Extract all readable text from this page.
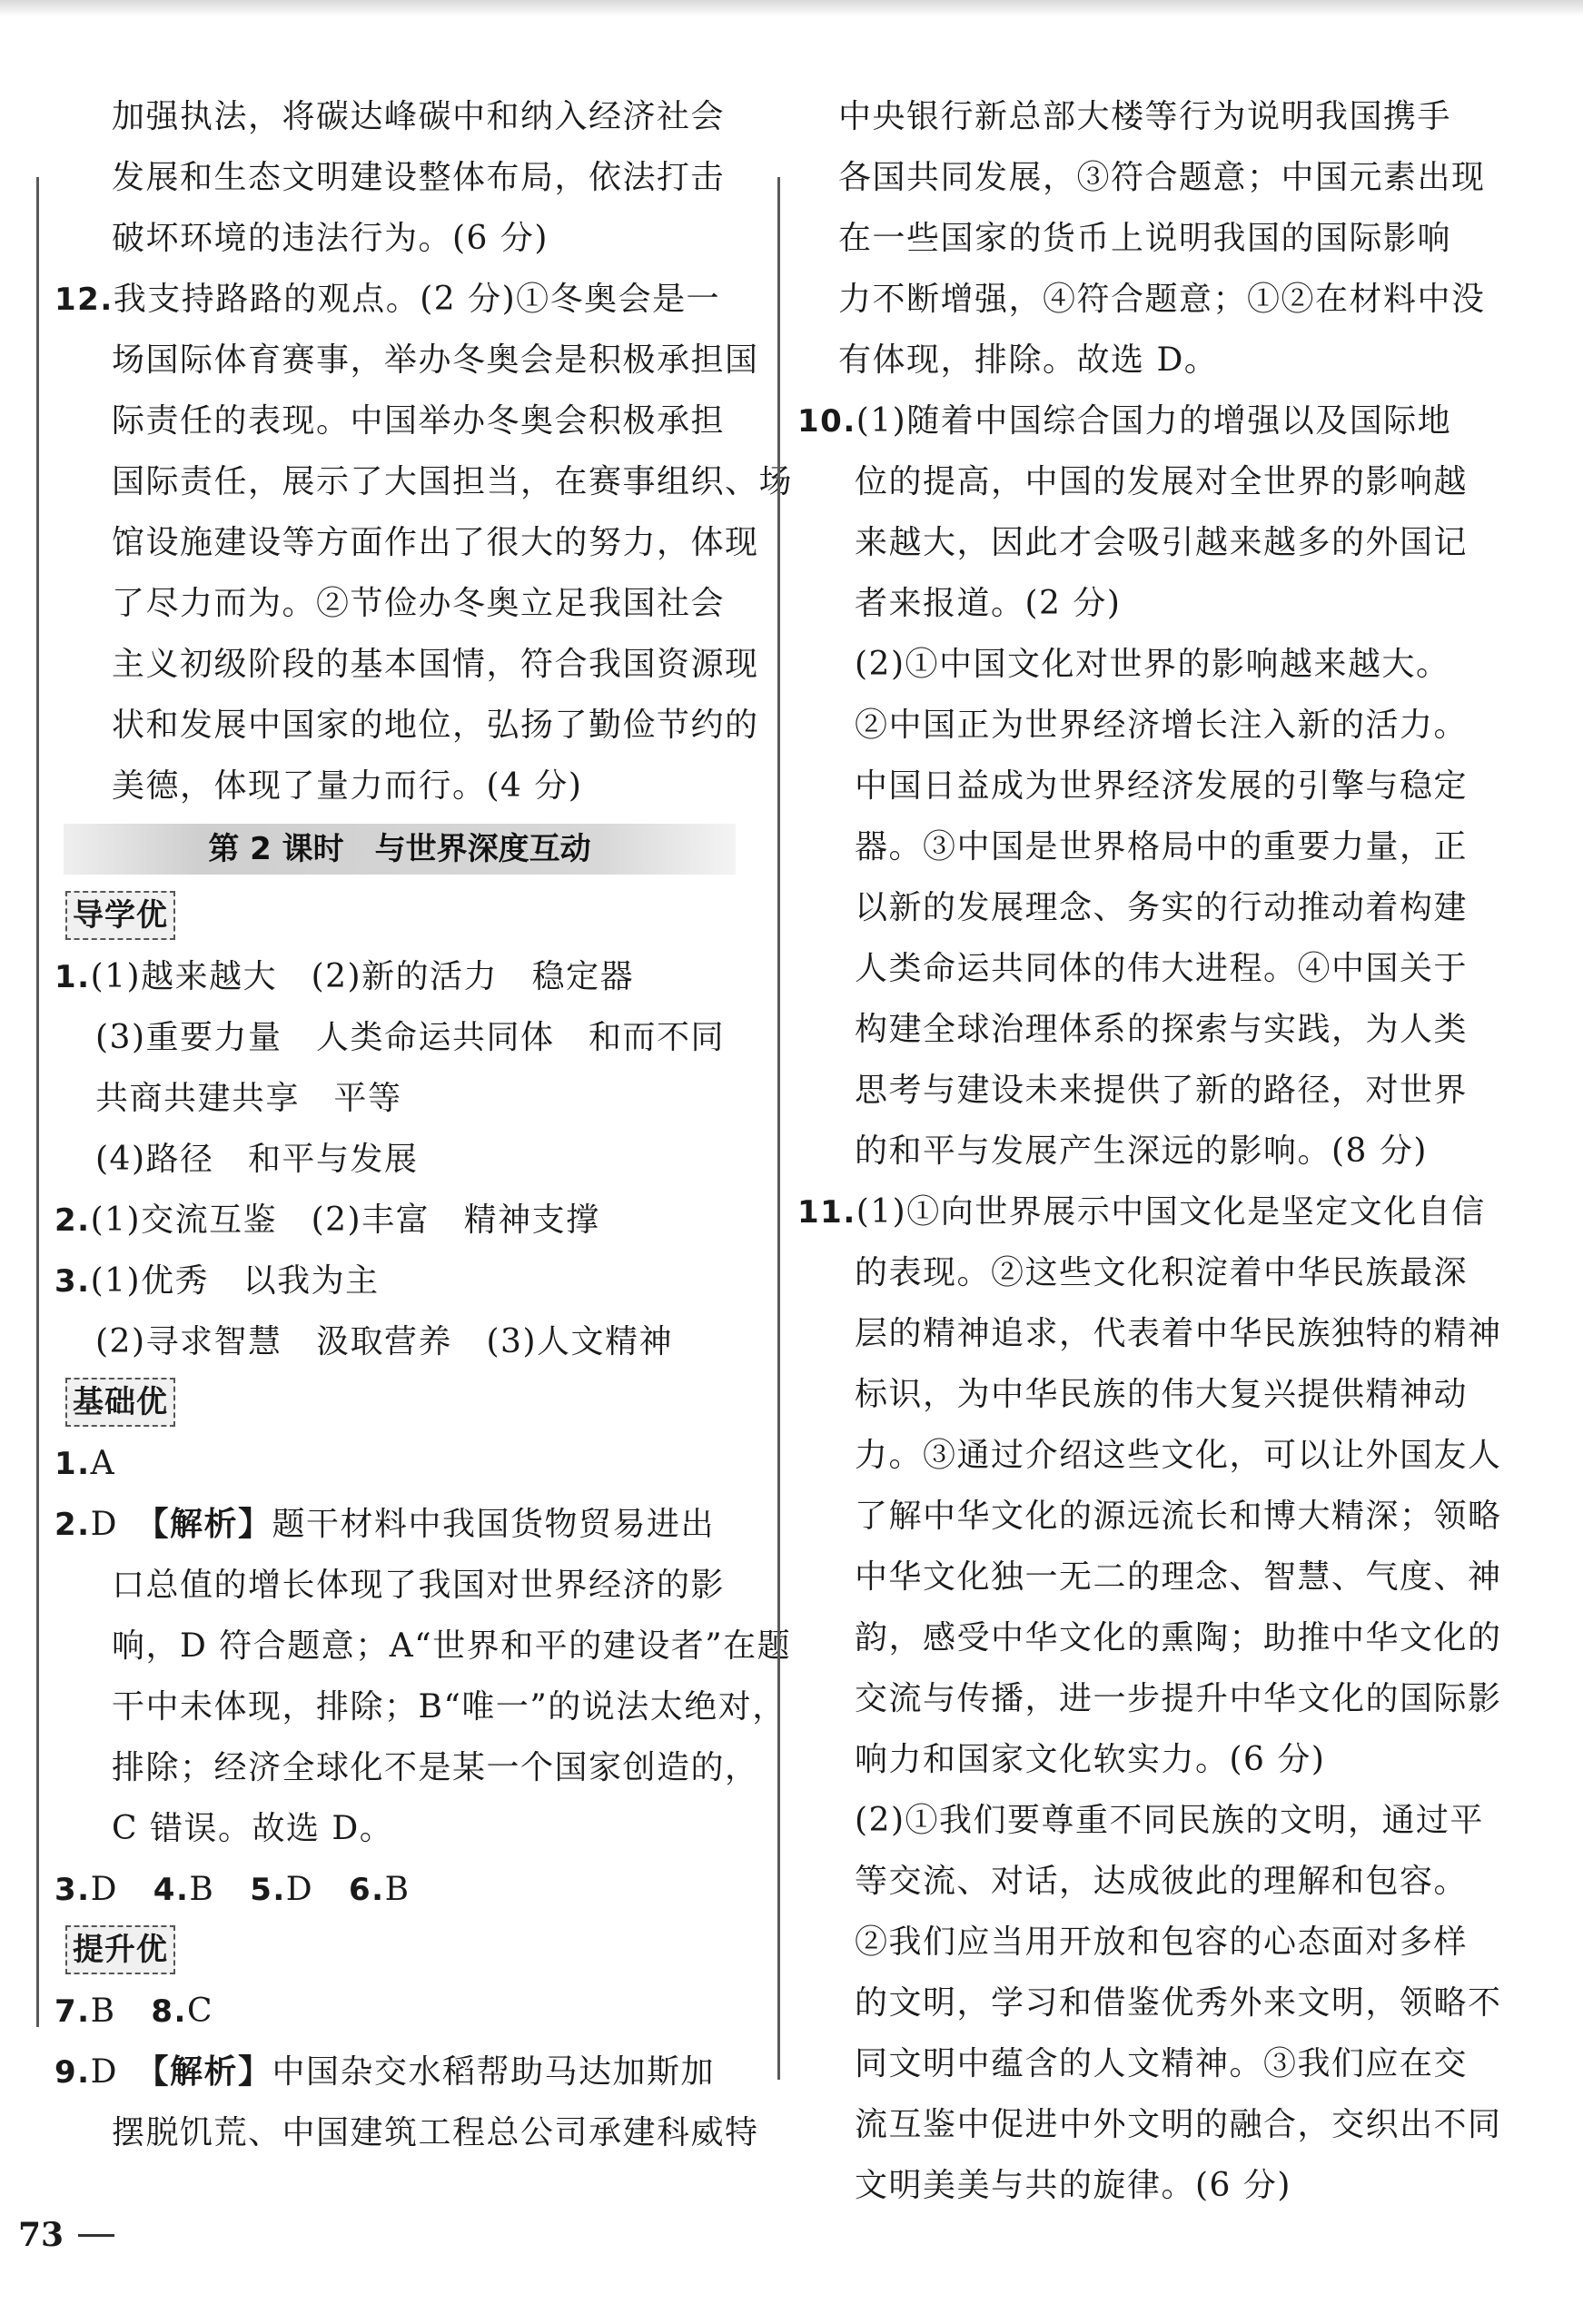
加强执法，将碳达峰碳中和纳入经济社会
发展和生态文明建设整体布局，依法打击
破坏环境的违法行为。(6 分)
12.我支持路路的观点。(2 分)①冬奥会是一
场国际体育赛事，举办冬奥会是积极承担国
际责任的表现。中国举办冬奥会积极承担
国际责任，展示了大国担当，在赛事组织、场
馆设施建设等方面作出了很大的努力，体现
了尽力而为。②节俭办冬奥立足我国社会
主义初级阶段的基本国情，符合我国资源现
状和发展中国家的地位，弘扬了勤俭节约的
美德，体现了量力而行。(4 分)
第 2 课时　与世界深度互动
导学优
1.(1)越来越大　(2)新的活力　稳定器
(3)重要力量　人类命运共同体　和而不同
共商共建共享　平等
(4)路径　和平与发展
2.(1)交流互鉴　(2)丰富　精神支撑
3.(1)优秀　以我为主
(2)寻求智慧　汲取营养　(3)人文精神
基础优
1.A
2.D　 【解析】题干材料中我国货物贸易进出
口总值的增长体现了我国对世界经济的影
响，D 符合题意；A“世界和平的建设者”在题
干中未体现，排除；B“唯一”的说法太绝对，
排除；经济全球化不是某一个国家创造的，
C 错误。故选 D。
3.D 4.B 5.D 6.B
提升优
7.B 8.C
9.D　 【解析】中国杂交水稻帮助马达加斯加
摆脱饥荒、中国建筑工程总公司承建科威特
中央银行新总部大楼等行为说明我国携手
各国共同发展，③符合题意；中国元素出现
在一些国家的货币上说明我国的国际影响
力不断增强，④符合题意；①②在材料中没
有体现，排除。故选 D。
10.(1)随着中国综合国力的增强以及国际地
位的提高，中国的发展对全世界的影响越
来越大，因此才会吸引越来越多的外国记
者来报道。(2 分)
(2)①中国文化对世界的影响越来越大。
②中国正为世界经济增长注入新的活力。
中国日益成为世界经济发展的引擎与稳定
器。③中国是世界格局中的重要力量，正
以新的发展理念、务实的行动推动着构建
人类命运共同体的伟大进程。④中国关于
构建全球治理体系的探索与实践，为人类
思考与建设未来提供了新的路径，对世界
的和平与发展产生深远的影响。(8 分)
11.(1)①向世界展示中国文化是坚定文化自信
的表现。②这些文化积淀着中华民族最深
层的精神追求，代表着中华民族独特的精神
标识，为中华民族的伟大复兴提供精神动
力。③通过介绍这些文化，可以让外国友人
了解中华文化的源远流长和博大精深；领略
中华文化独一无二的理念、智慧、气度、神
韵，感受中华文化的熏陶；助推中华文化的
交流与传播，进一步提升中华文化的国际影
响力和国家文化软实力。(6 分)
(2)①我们要尊重不同民族的文明，通过平
等交流、对话，达成彼此的理解和包容。
②我们应当用开放和包容的心态面对多样
的文明，学习和借鉴优秀外来文明，领略不
同文明中蕴含的人文精神。③我们应在交
流互鉴中促进中外文明的融合，交织出不同
文明美美与共的旋律。(6 分)
73
